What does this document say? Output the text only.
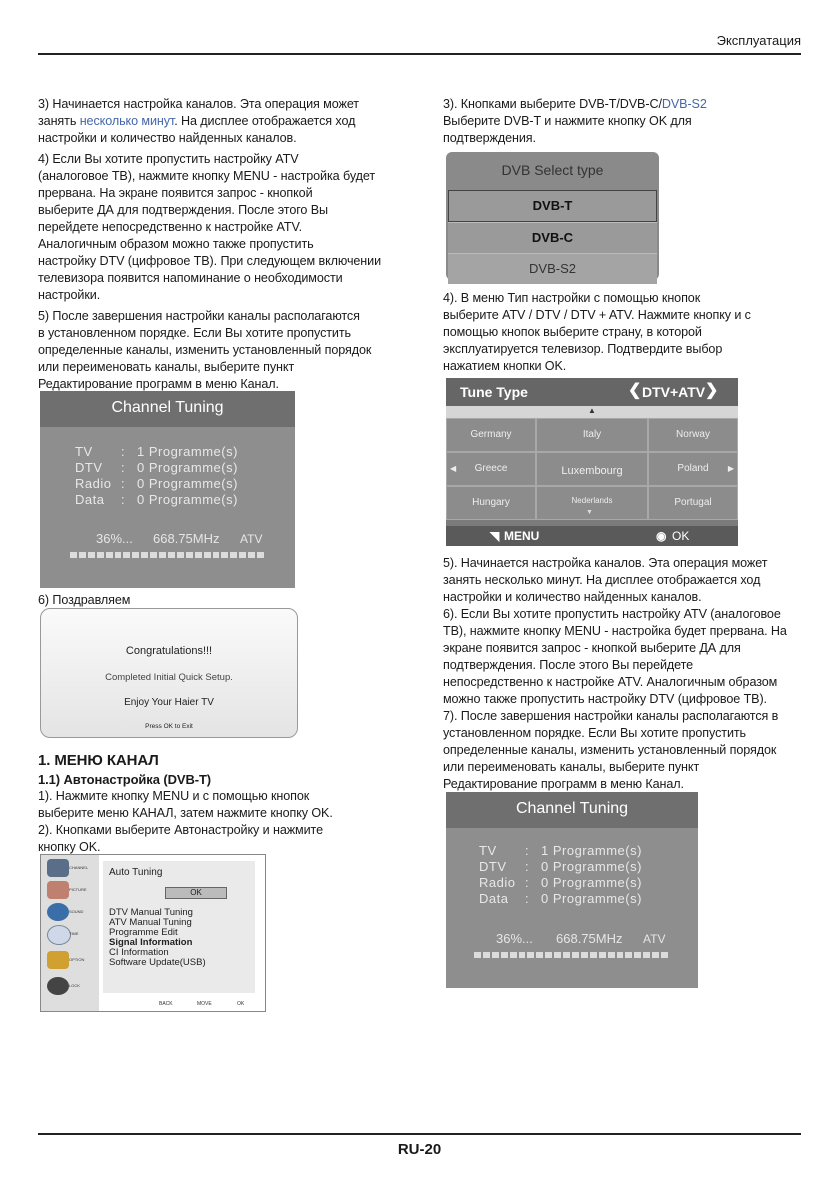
Эксплуатация

3) Начинается настройка каналов. Эта операция может

занять несколько минут. На дисплее отображается ход

настройки и количество найденных каналов.

4) Если Вы хотите пропустить настройку ATV

(аналоговое ТВ), нажмите кнопку MENU - настройка будет

прервана. На экране появится запрос - кнопкой

выберите ДА для подтверждения. После этого Вы

перейдете непосредственно к настройке ATV.

Аналогичным образом можно также пропустить

настройку DTV (цифровое ТВ). При следующем включении

телевизора появится напоминание о необходимости

настройки.

5) После завершения настройки каналы располагаются

в установленном порядке. Если Вы хотите пропустить

определенные каналы, изменить установленный порядок

или переименовать каналы, выберите пункт

Редактирование программ в меню Канал.

Channel Tuning
TV : 1 Programme(s)
DTV : 0 Programme(s)
Radio : 0 Programme(s)
Data : 0 Programme(s)
36%... 668.75MHz ATV
6) Поздравляем
Congratulations!!!
Completed Initial Quick Setup.
Enjoy Your Haier TV
Press OK to Exit

1. МЕНЮ КАНАЛ

1.1) Автонастройка (DVB-T)

1). Нажмите кнопку MENU и с помощью кнопок

выберите меню КАНАЛ, затем нажмите кнопку OK.

2). Кнопками выберите Автонастройку и нажмите

кнопку OK.

CHANNEL
PICTURE
SOUND
TIME
OPTION
LOCK
Auto Tuning
OK
DTV Manual Tuning
ATV Manual Tuning
Programme Edit
Signal Information
CI Information
Software Update(USB)
BACK	MOVE	OK

3). Кнопками выберите DVB-T/DVB-C/DVB-S2

Выберите DVB-T и нажмите кнопку OK для

подтверждения.

DVB Select type
DVB-T
DVB-C
DVB-S2

4). В меню Тип настройки с помощью кнопок

выберите ATV / DTV / DTV + ATV. Нажмите кнопку и с

помощью кнопок выберите страну, в которой

эксплуатируется телевизор. Подтвердите выбор

нажатием кнопки OK.

Tune Type	❮ DTV+ATV ❯
▲
Germany	Italy	Norway
Greece	Luxembourg	Poland
Hungary	Nederlands	Portugal
◀	▶
▼
◥ MENU	◉ OK

5). Начинается настройка каналов. Эта операция может

занять несколько минут. На дисплее отображается ход

настройки и количество найденных каналов.

6). Если Вы хотите пропустить настройку ATV (аналоговое

ТВ), нажмите кнопку MENU - настройка будет прервана. На

экране появится запрос - кнопкой выберите ДА для

подтверждения. После этого Вы перейдете

непосредственно к настройке ATV. Аналогичным образом

можно также пропустить настройку DTV (цифровое ТВ).

7). После завершения настройки каналы располагаются в

установленном порядке. Если Вы хотите пропустить

определенные каналы, изменить установленный порядок

или переименовать каналы, выберите пункт

Редактирование программ в меню Канал.

Channel Tuning
TV : 1 Programme(s)
DTV : 0 Programme(s)
Radio : 0 Programme(s)
Data : 0 Programme(s)
36%... 668.75MHz ATV
RU-20
